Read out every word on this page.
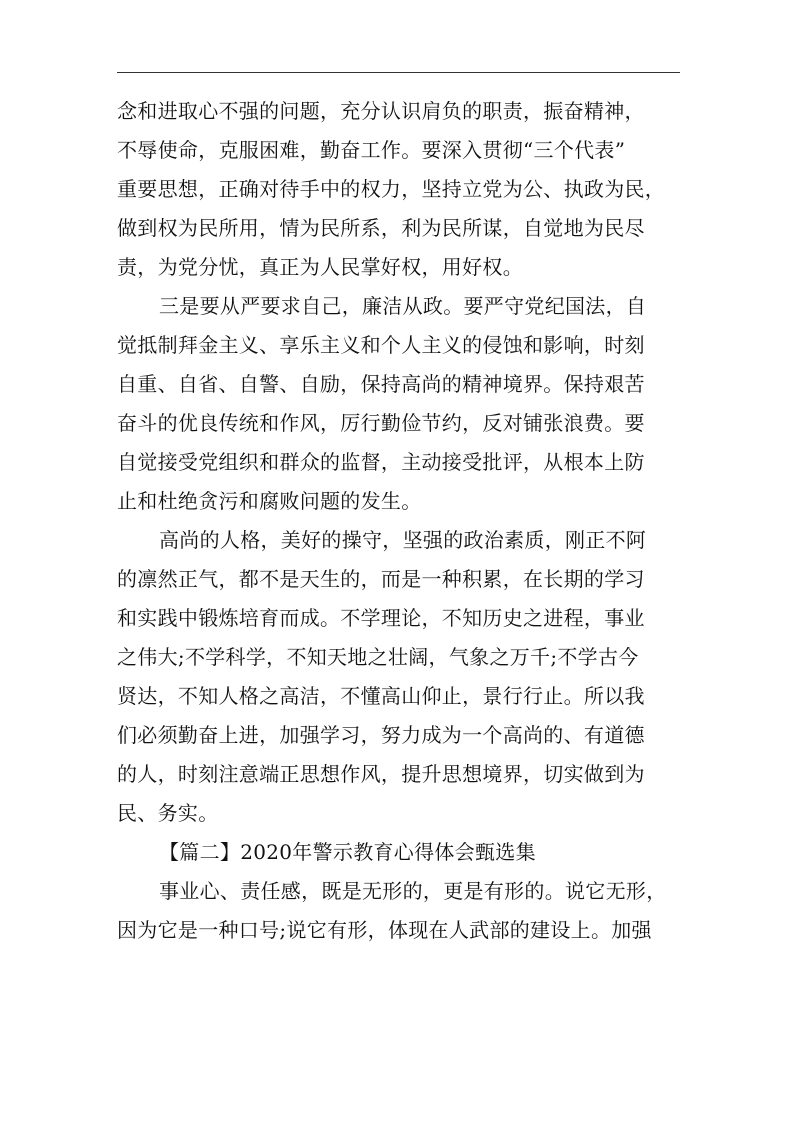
念和进取心不强的问题，充分认识肩负的职责，振奋精神，
不辱使命，克服困难，勤奋工作。要深入贯彻“三个代表”
重要思想，正确对待手中的权力，坚持立党为公、执政为民，
做到权为民所用，情为民所系，利为民所谋，自觉地为民尽
责，为党分忧，真正为人民掌好权，用好权。
三是要从严要求自己，廉洁从政。要严守党纪国法，自
觉抵制拜金主义、享乐主义和个人主义的侵蚀和影响，时刻
自重、自省、自警、自励，保持高尚的精神境界。保持艰苦
奋斗的优良传统和作风，厉行勤俭节约，反对铺张浪费。要
自觉接受党组织和群众的监督，主动接受批评，从根本上防
止和杜绝贪污和腐败问题的发生。
高尚的人格，美好的操守，坚强的政治素质，刚正不阿
的凛然正气，都不是天生的，而是一种积累，在长期的学习
和实践中锻炼培育而成。不学理论，不知历史之进程，事业
之伟大;不学科学，不知天地之壮阔，气象之万千;不学古今
贤达，不知人格之高洁，不懂高山仰止，景行行止。所以我
们必须勤奋上进，加强学习，努力成为一个高尚的、有道德
的人，时刻注意端正思想作风，提升思想境界，切实做到为
民、务实。
【篇二】2020年警示教育心得体会甄选集
事业心、责任感，既是无形的，更是有形的。说它无形，
因为它是一种口号;说它有形，体现在人武部的建设上。加强
